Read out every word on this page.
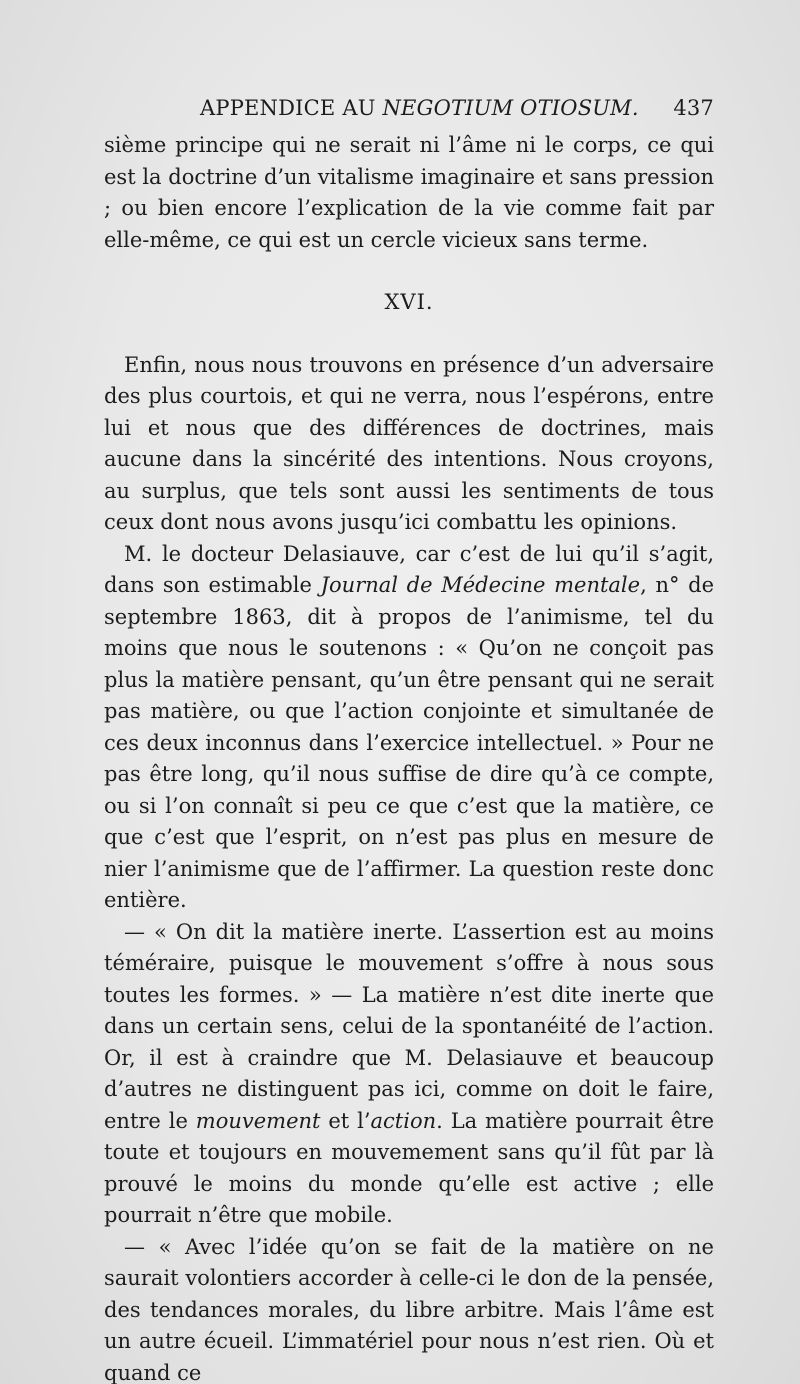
APPENDICE AU NEGOTIUM OTIOSUM. 437

sième principe qui ne serait ni l’âme ni le corps, ce qui est la doctrine d’un vitalisme imaginaire et sans pression ; ou bien encore l’explication de la vie comme fait par elle-même, ce qui est un cercle vicieux sans terme.

XVI.

Enfin, nous nous trouvons en présence d’un adversaire des plus courtois, et qui ne verra, nous l’espérons, entre lui et nous que des différences de doctrines, mais aucune dans la sincérité des intentions. Nous croyons, au surplus, que tels sont aussi les sentiments de tous ceux dont nous avons jusqu’ici combattu les opinions.

M. le docteur Delasiauve, car c’est de lui qu’il s’agit, dans son estimable Journal de Médecine mentale, n° de septembre 1863, dit à propos de l’animisme, tel du moins que nous le soutenons : « Qu’on ne conçoit pas plus la matière pensant, qu’un être pensant qui ne serait pas matière, ou que l’action conjointe et simultanée de ces deux inconnus dans l’exercice intellectuel. » Pour ne pas être long, qu’il nous suffise de dire qu’à ce compte, ou si l’on connaît si peu ce que c’est que la matière, ce que c’est que l’esprit, on n’est pas plus en mesure de nier l’animisme que de l’affirmer. La question reste donc entière.

— « On dit la matière inerte. L’assertion est au moins téméraire, puisque le mouvement s’offre à nous sous toutes les formes. » — La matière n’est dite inerte que dans un certain sens, celui de la spontanéité de l’action. Or, il est à craindre que M. Delasiauve et beaucoup d’autres ne distinguent pas ici, comme on doit le faire, entre le mouvement et l’action. La matière pourrait être toute et toujours en mouvemement sans qu’il fût par là prouvé le moins du monde qu’elle est active ; elle pourrait n’être que mobile.

— « Avec l’idée qu’on se fait de la matière on ne saurait volontiers accorder à celle-ci le don de la pensée, des tendances morales, du libre arbitre. Mais l’âme est un autre écueil. L’immatériel pour nous n’est rien. Où et quand ce
